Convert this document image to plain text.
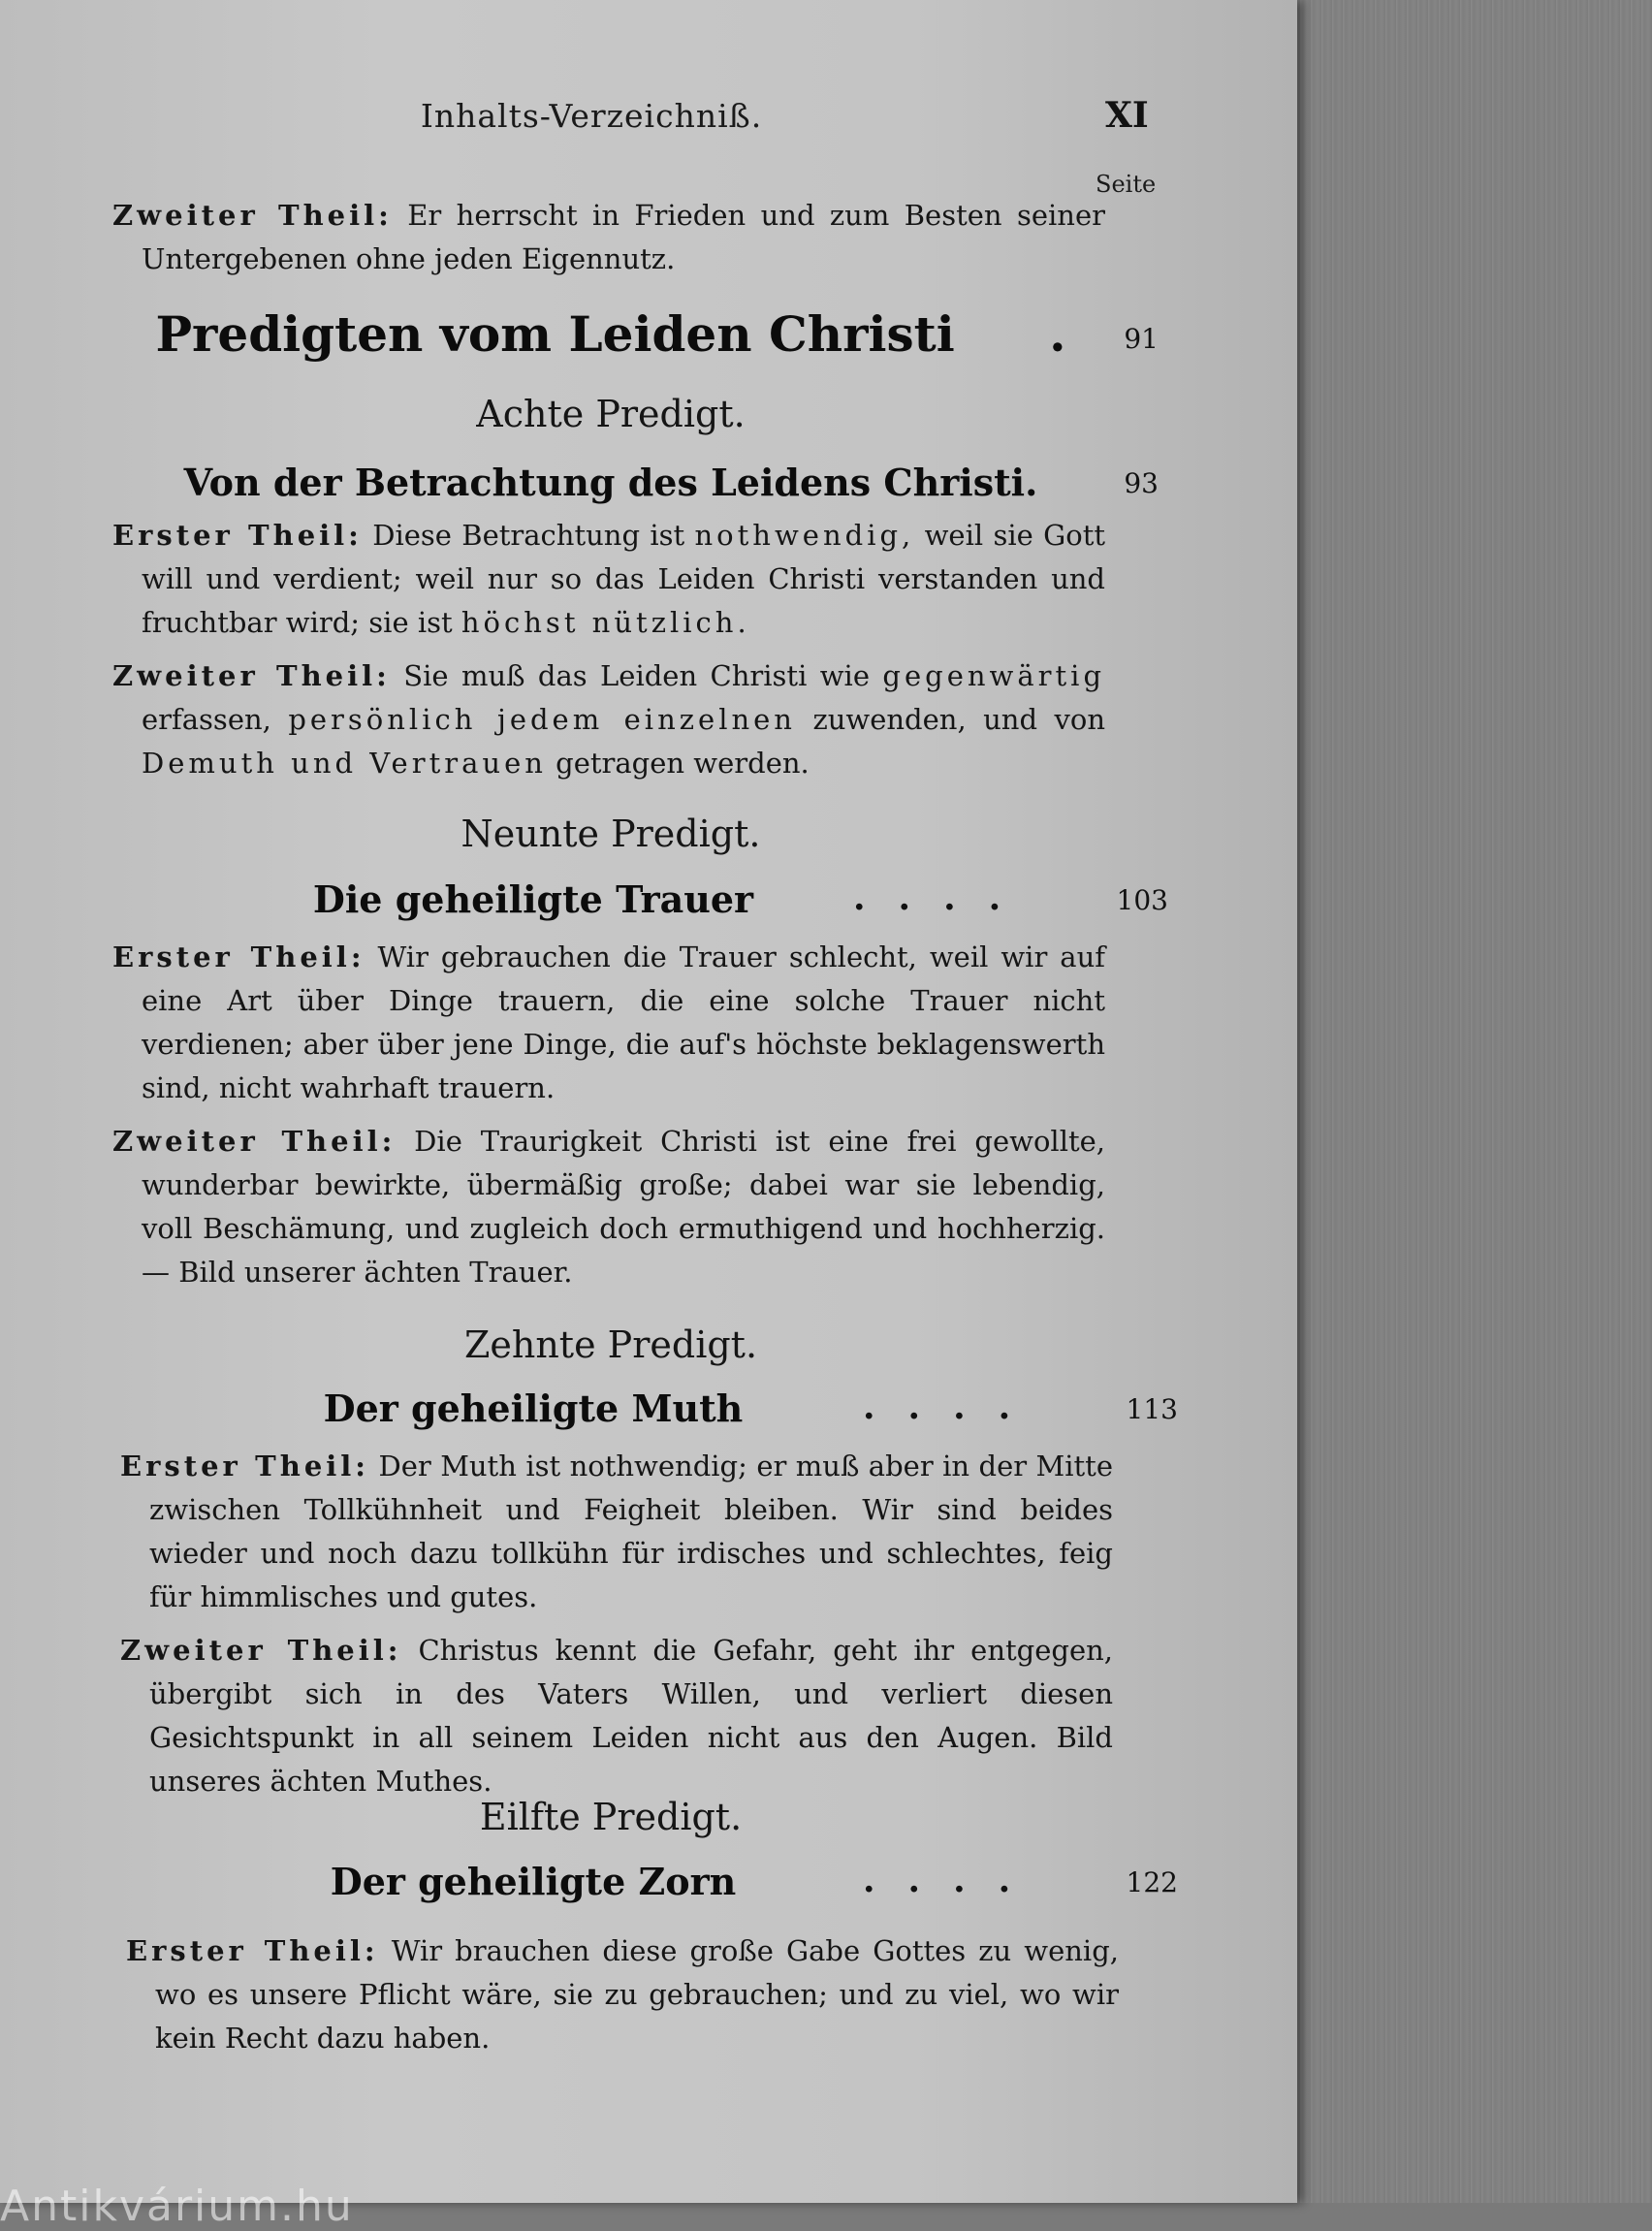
Inhalts-Verzeichniß.	XI
Seite
Zweiter Theil: Er herrscht in Frieden und zum Besten seiner Untergebenen ohne jeden Eigennutz.
Predigten vom Leiden Christi .	91
Achte Predigt.
Von der Betrachtung des Leidens Christi.	93
Erster Theil: Diese Betrachtung ist nothwendig, weil sie Gott will und verdient; weil nur so das Leiden Christi verstanden und fruchtbar wird; sie ist höchst nützlich.
Zweiter Theil: Sie muß das Leiden Christi wie gegenwärtig erfassen, persönlich jedem einzelnen zuwenden, und von Demuth und Vertrauen getragen werden.
Neunte Predigt.
Die geheiligte Trauer	....	103
Erster Theil: Wir gebrauchen die Trauer schlecht, weil wir auf eine Art über Dinge trauern, die eine solche Trauer nicht verdienen; aber über jene Dinge, die auf's höchste beklagenswerth sind, nicht wahrhaft trauern.
Zweiter Theil: Die Traurigkeit Christi ist eine frei gewollte, wunderbar bewirkte, übermäßig große; dabei war sie lebendig, voll Beschämung, und zugleich doch ermuthigend und hochherzig. — Bild unserer ächten Trauer.
Zehnte Predigt.
Der geheiligte Muth	....	113
Erster Theil: Der Muth ist nothwendig; er muß aber in der Mitte zwischen Tollkühnheit und Feigheit bleiben. Wir sind beides wieder und noch dazu tollkühn für irdisches und schlechtes, feig für himmlisches und gutes.
Zweiter Theil: Christus kennt die Gefahr, geht ihr entgegen, übergibt sich in des Vaters Willen, und verliert diesen Gesichtspunkt in all seinem Leiden nicht aus den Augen. Bild unseres ächten Muthes.
Eilfte Predigt.
Der geheiligte Zorn	....	122
Erster Theil: Wir brauchen diese große Gabe Gottes zu wenig, wo es unsere Pflicht wäre, sie zu gebrauchen; und zu viel, wo wir kein Recht dazu haben.
Antikvárium.hu
